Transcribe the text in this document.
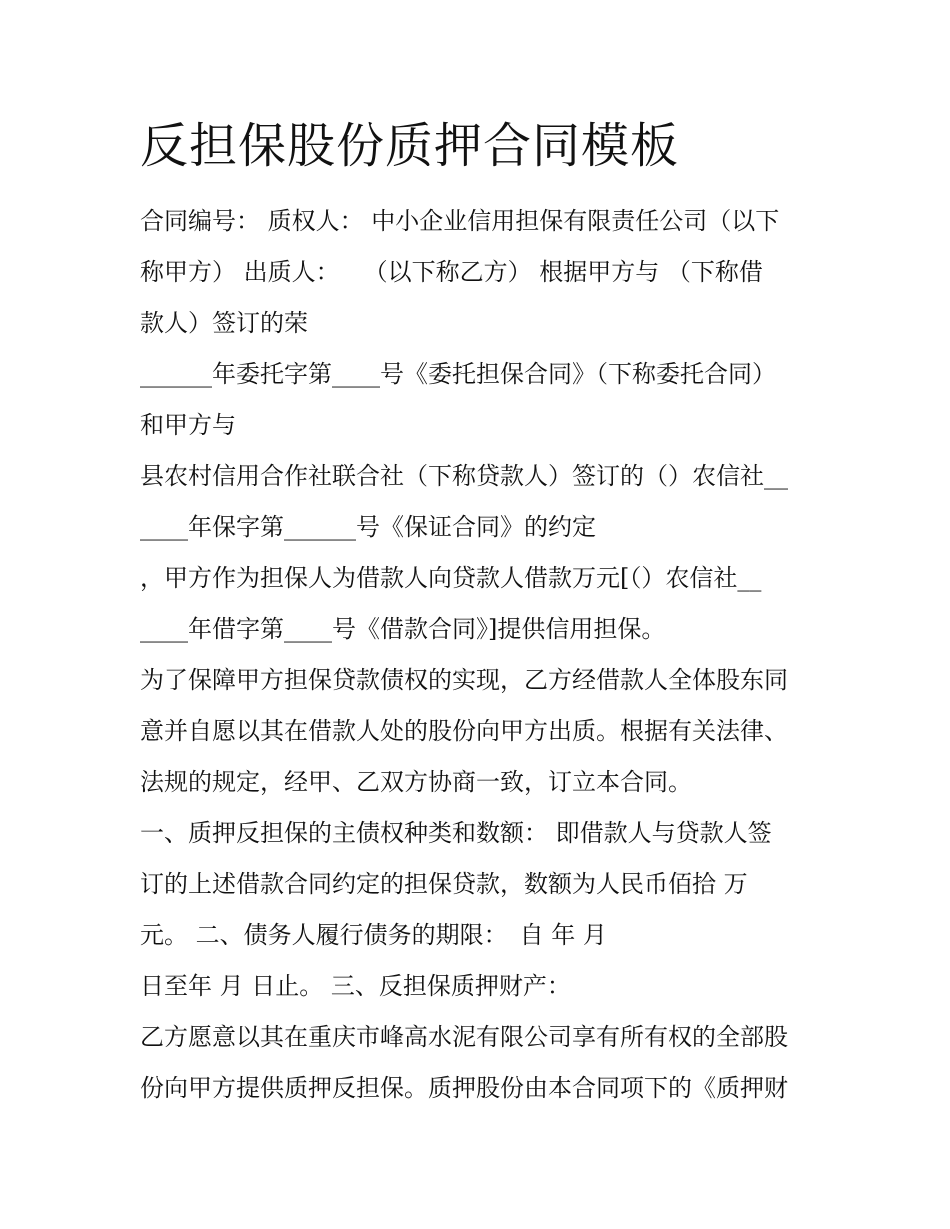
反担保股份质押合同模板
合同编号： 质权人： 中小企业信用担保有限责任公司（以下
称甲方） 出质人：　　（以下称乙方） 根据甲方与 （下称借
款人）签订的荣
______年委托字第____号《委托担保合同》（下称委托合同）
和甲方与
县农村信用合作社联合社（下称贷款人）签订的（）农信社__
____年保字第______号《保证合同》的约定
，甲方作为担保人为借款人向贷款人借款万元[（）农信社__
____年借字第____号《借款合同》]提供信用担保。
为了保障甲方担保贷款债权的实现，乙方经借款人全体股东同
意并自愿以其在借款人处的股份向甲方出质。根据有关法律、
法规的规定，经甲、乙双方协商一致，订立本合同。
一、质押反担保的主债权种类和数额： 即借款人与贷款人签
订的上述借款合同约定的担保贷款，数额为人民币佰拾 万
元。 二、债务人履行债务的期限：　自 年 月
日至年 月 日止。 三、反担保质押财产：
乙方愿意以其在重庆市峰高水泥有限公司享有所有权的全部股
份向甲方提供质押反担保。质押股份由本合同项下的《质押财
